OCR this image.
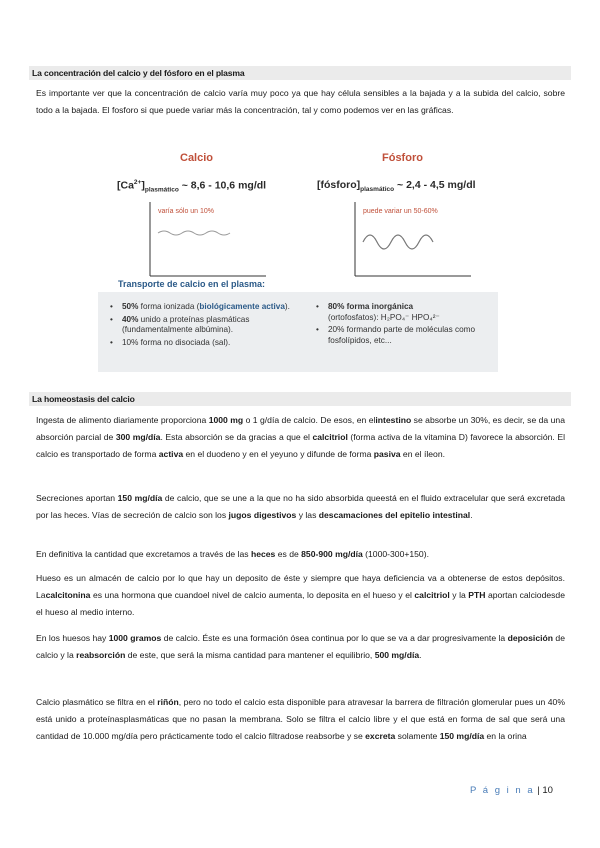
La concentración del calcio y del fósforo en el plasma
Es importante ver que la concentración de calcio varía muy poco ya que hay célula sensibles a la bajada y a la subida del calcio, sobre todo a la bajada. El fosforo si que puede variar más la concentración, tal y como podemos ver en las gráficas.
Calcio	Fósforo
$[Ca^{2+}]_{plasmático}$ ~ 8,6 - 10,6 mg/dl	$[fósforo]_{plasmático}$ ~ 2,4 - 4,5 mg/dl
varía sólo un 10%	puede variar un 50-60%
Transporte de calcio en el plasma:
• 50% forma ionizada (biológicamente activa).
• 40% unido a proteínas plasmáticas (fundamentalmente albúmina).
• 10% forma no disociada (sal).
• 80% forma inorgánica
(ortofosfatos): H₂PO₄⁻ HPO₄²⁻
• 20% formando parte de moléculas como fosfolípidos, etc...
La homeostasis del calcio
Ingesta de alimento diariamente proporciona 1000 mg o 1 g/día de calcio. De esos, en elintestino se absorbe un 30%, es decir, se da una absorción parcial de 300 mg/día. Esta absorción se da gracias a que el calcitriol (forma activa de la vitamina D) favorece la absorción. El calcio es transportado de forma activa en el duodeno y en el yeyuno y difunde de forma pasiva en el íleon.
Secreciones aportan 150 mg/día de calcio, que se une a la que no ha sido absorbida queestá en el fluido extracelular que será excretada por las heces. Vías de secreción de calcio son los jugos digestivos y las descamaciones del epitelio intestinal.
En definitiva la cantidad que excretamos a través de las heces es de 850-900 mg/día (1000-300+150).
Hueso es un almacén de calcio por lo que hay un deposito de éste y siempre que haya deficiencia va a obtenerse de estos depósitos. Lacalcitonina es una hormona que cuandoel nivel de calcio aumenta, lo deposita en el hueso y el calcitriol y la PTH aportan calciodesde el hueso al medio interno.
En los huesos hay 1000 gramos de calcio. Éste es una formación ósea continua por lo que se va a dar progresivamente la deposición de calcio y la reabsorción de este, que será la misma cantidad para mantener el equilibrio, 500 mg/día.
Calcio plasmático se filtra en el riñón, pero no todo el calcio esta disponible para atravesar la barrera de filtración glomerular pues un 40% está unido a proteínasplasmáticas que no pasan la membrana. Solo se filtra el calcio libre y el que está en forma de sal que será una cantidad de 10.000 mg/día pero prácticamente todo el calcio filtradose reabsorbe y se excreta solamente 150 mg/día en la orina
P á g i n a | 10
